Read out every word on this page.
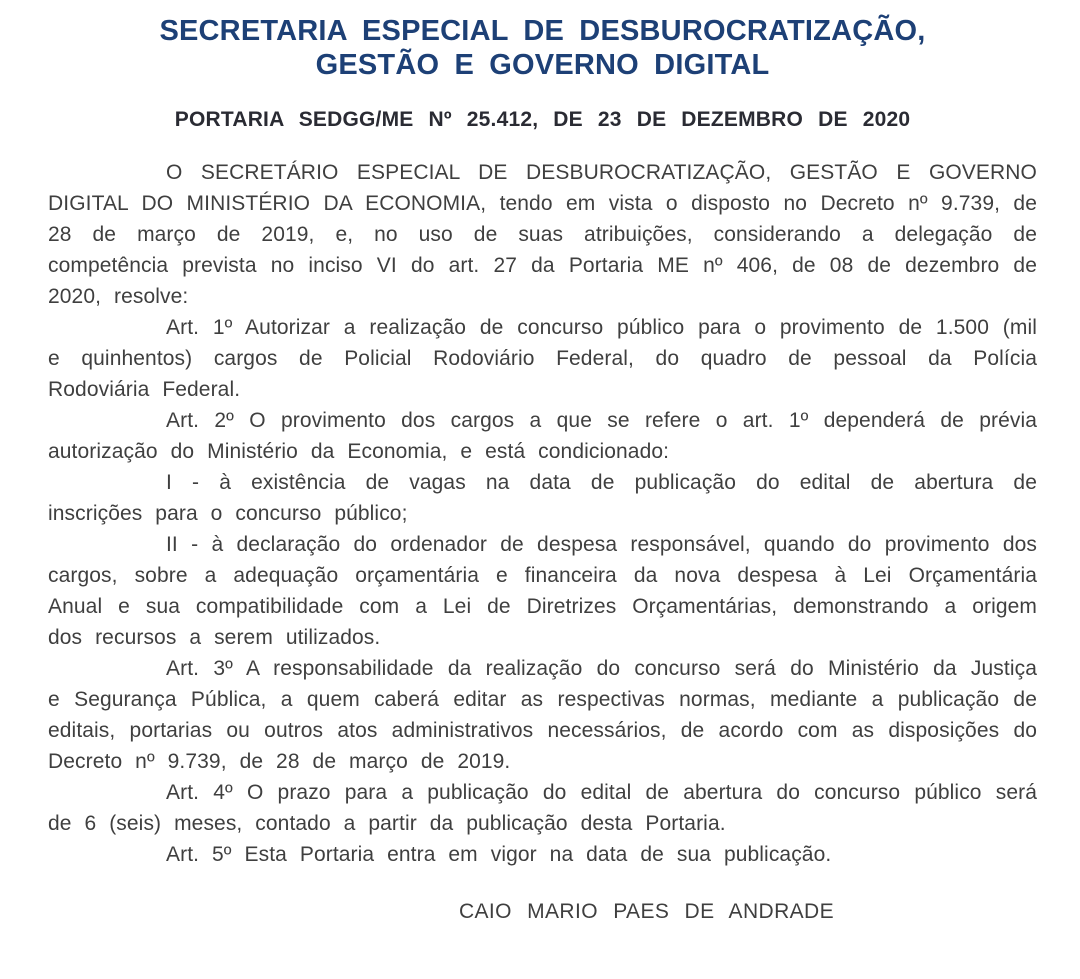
SECRETARIA ESPECIAL DE DESBUROCRATIZAÇÃO,
GESTÃO E GOVERNO DIGITAL
PORTARIA SEDGG/ME Nº 25.412, DE 23 DE DEZEMBRO DE 2020

O SECRETÁRIO ESPECIAL DE DESBUROCRATIZAÇÃO, GESTÃO E GOVERNO DIGITAL DO MINISTÉRIO DA ECONOMIA, tendo em vista o disposto no Decreto nº 9.739, de 28 de março de 2019, e, no uso de suas atribuições, considerando a delegação de competência prevista no inciso VI do art. 27 da Portaria ME nº 406, de 08 de dezembro de 2020, resolve:

Art. 1º Autorizar a realização de concurso público para o provimento de 1.500 (mil e quinhentos) cargos de Policial Rodoviário Federal, do quadro de pessoal da Polícia Rodoviária Federal.

Art. 2º O provimento dos cargos a que se refere o art. 1º dependerá de prévia autorização do Ministério da Economia, e está condicionado:

I - à existência de vagas na data de publicação do edital de abertura de inscrições para o concurso público;

II - à declaração do ordenador de despesa responsável, quando do provimento dos cargos, sobre a adequação orçamentária e financeira da nova despesa à Lei Orçamentária Anual e sua compatibilidade com a Lei de Diretrizes Orçamentárias, demonstrando a origem dos recursos a serem utilizados.

Art. 3º A responsabilidade da realização do concurso será do Ministério da Justiça e Segurança Pública, a quem caberá editar as respectivas normas, mediante a publicação de editais, portarias ou outros atos administrativos necessários, de acordo com as disposições do Decreto nº 9.739, de 28 de março de 2019.

Art. 4º O prazo para a publicação do edital de abertura do concurso público será de 6 (seis) meses, contado a partir da publicação desta Portaria.

Art. 5º Esta Portaria entra em vigor na data de sua publicação.

CAIO MARIO PAES DE ANDRADE
